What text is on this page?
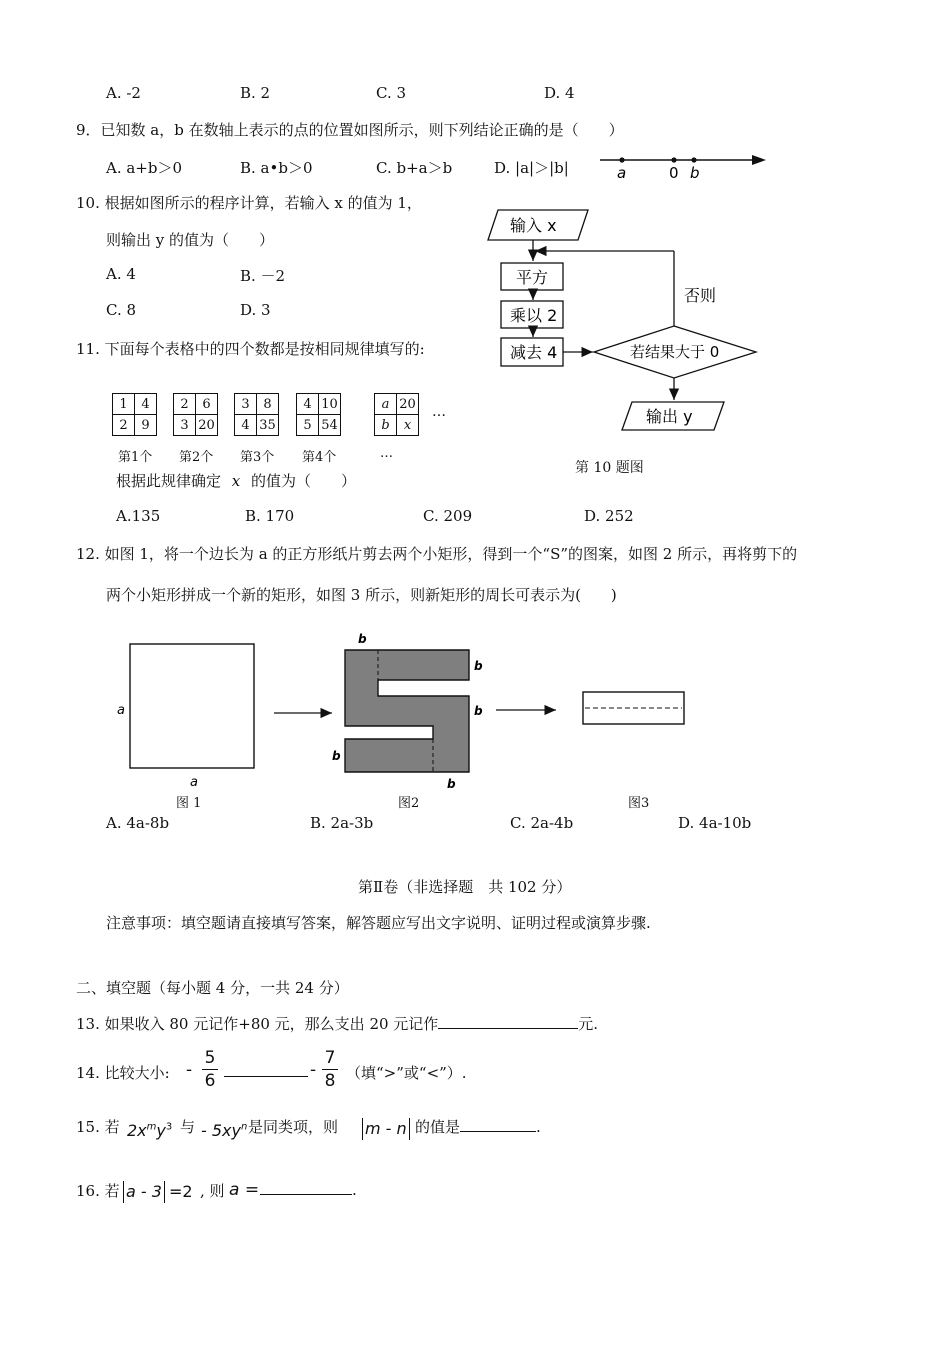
A. -2	B. 2	C. 3	D. 4
9．已知数 a，b 在数轴上表示的点的位置如图所示，则下列结论正确的是（　　）
A. a+b＞0	B. a•b＞0	C. b+a＞b	D. |a|＞|b|	a	0 b
10. 根据如图所示的程序计算，若输入 x 的值为 1，
则输出 y 的值为（　　）
A. 4	B. －2
C. 8	D. 3
输入 x
平方
乘以 2
减去 4	若结果大于 0
否则
输出 y
第 10 题图
11. 下面每个表格中的四个数都是按相同规律填写的:
1	4
2	9
第1个
2	6
3	20
第2个
3	8
4	35
第3个
4	10
5	54
第4个
a	20
b	x
…
…
根据此规律确定 x 的值为（　　）
A.135	B. 170	C. 209	D. 252
12. 如图 1，将一个边长为 a 的正方形纸片剪去两个小矩形，得到一个“S”的图案，如图 2 所示，再将剪下的
两个小矩形拼成一个新的矩形，如图 3 所示，则新矩形的周长可表示为(　　)
a
a
b
b
b
b
b
图 1	图2	图3
A. 4a-8b	B. 2a-3b	C. 2a-4b	D. 4a-10b
第Ⅱ卷（非选择题　共 102 分）
注意事项：填空题请直接填写答案，解答题应写出文字说明、证明过程或演算步骤.
二、填空题（每小题 4 分，一共 24 分）
13. 如果收入 80 元记作+80 元，那么支出 20 元记作	元.
14. 比较大小: -
5
6
-
7
8 （填“>”或“<”）.
15. 若 $2x^my^3$ 与 - $5xy^n$ 是同类项，则 m - n 的值是	.
16. 若 a - 3 =2 , 则 a =	.
